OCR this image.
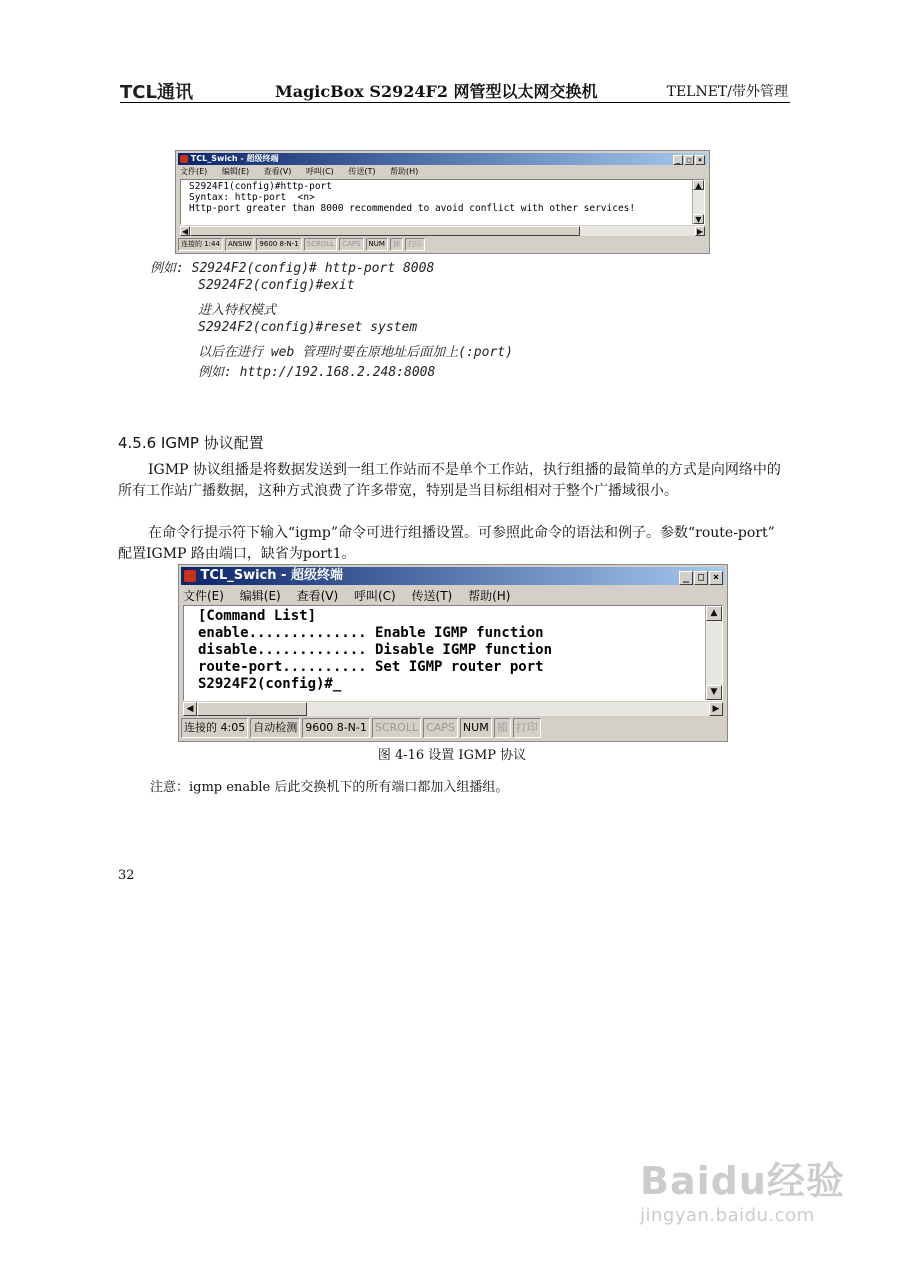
TCL通讯	MagicBox S2924F2 网管型以太网交换机	TELNET/带外管理
TCL_Swich - 超级终端	_ □ ×
文件(E) 编辑(E) 查看(V) 呼叫(C) 传送(T) 帮助(H)
S2924F1(config)#http-port
Syntax: http-port  <n>
Http-port greater than 8000 recommended to avoid conflict with other services!
▲
▼
◀	▶
连接的 1:44 ANSIW 9600 8-N-1 SCROLL CAPS NUM 捕 打印
例如: S2924F2(config)# http-port 8008
S2924F2(config)#exit
进入特权模式
S2924F2(config)#reset system
以后在进行 web 管理时要在原地址后面加上(:port)
例如: http://192.168.2.248:8008
4.5.6 IGMP 协议配置
IGMP 协议组播是将数据发送到一组工作站而不是单个工作站，执行组播的最简单的方式是向网络中的所有工作站广播数据，这种方式浪费了许多带宽，特别是当目标组相对于整个广播域很小。
在命令行提示符下输入“igmp”命令可进行组播设置。可参照此命令的语法和例子。参数“route-port” 配置IGMP 路由端口，缺省为port1。
TCL_Swich - 超级终端	_ □ ×
文件(E) 编辑(E) 查看(V) 呼叫(C) 传送(T) 帮助(H)
[Command List]
enable.............. Enable IGMP function
disable............. Disable IGMP function
route-port.......... Set IGMP router port
S2924F2(config)#_
▲
▼
◀	▶
连接的 4:05 自动检测 9600 8-N-1 SCROLL CAPS NUM 捕 打印
图 4-16 设置 IGMP 协议
注意：igmp enable 后此交换机下的所有端口都加入组播组。
32
Baidu经验
jingyan.baidu.com
